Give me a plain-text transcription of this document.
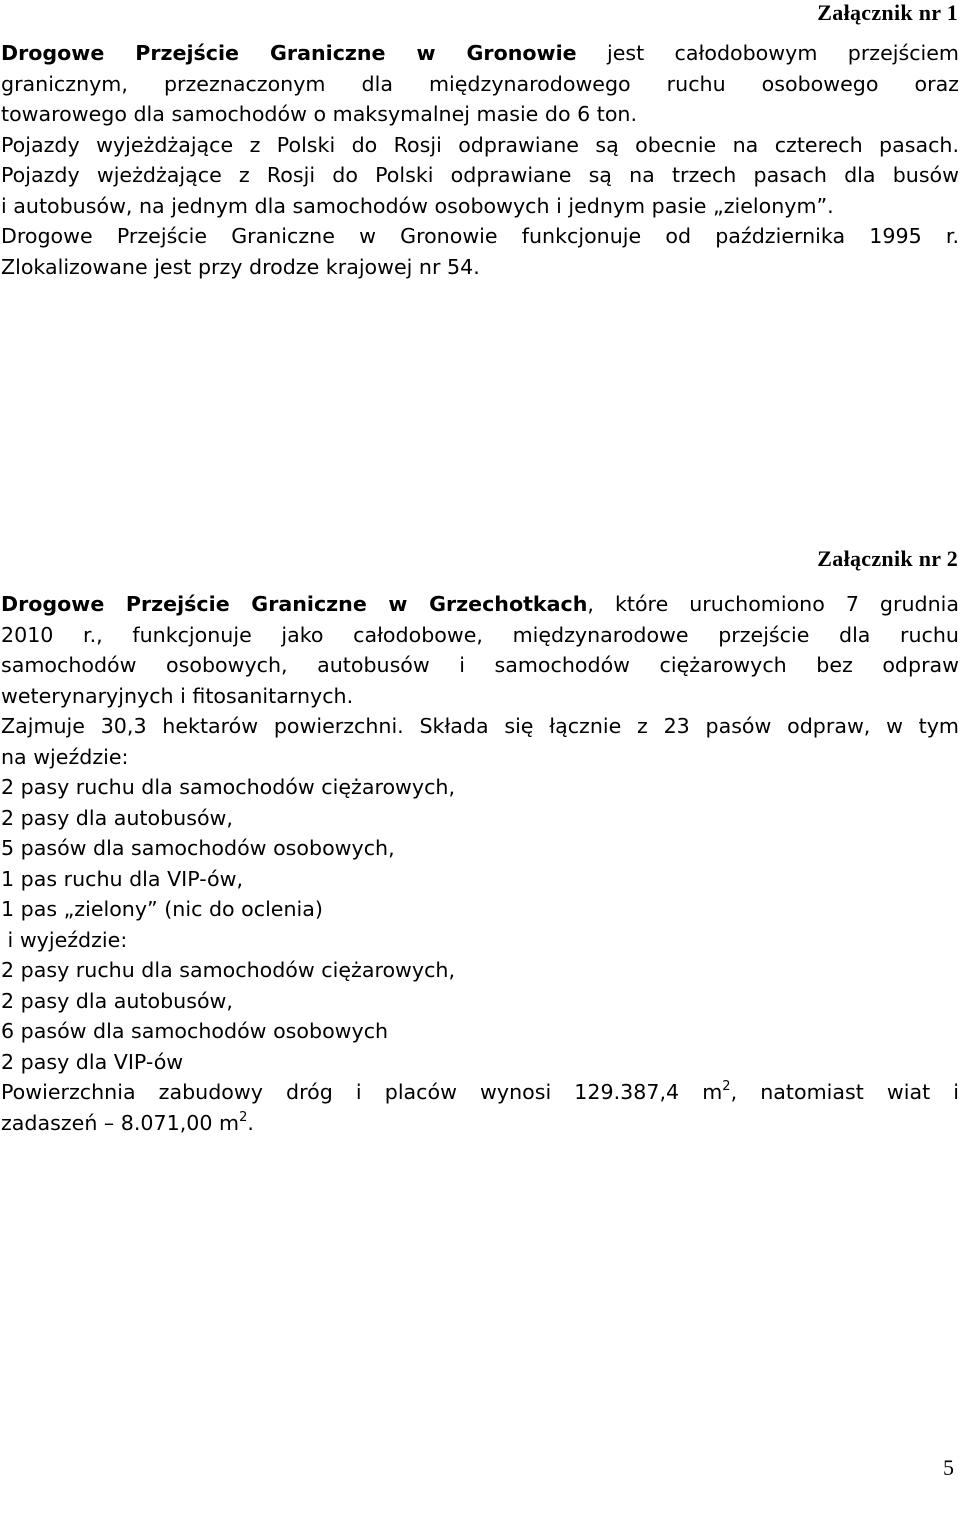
Załącznik nr 1
Drogowe Przejście Graniczne w Gronowie jest całodobowym przejściem
granicznym, przeznaczonym dla międzynarodowego ruchu osobowego oraz
towarowego dla samochodów o maksymalnej masie do 6 ton.
Pojazdy wyjeżdżające z Polski do Rosji odprawiane są obecnie na czterech pasach.
Pojazdy wjeżdżające z Rosji do Polski odprawiane są na trzech pasach dla busów
i autobusów, na jednym dla samochodów osobowych i jednym pasie „zielonym”.
Drogowe Przejście Graniczne w Gronowie funkcjonuje od października 1995 r.
Zlokalizowane jest przy drodze krajowej nr 54.
Załącznik nr 2
Drogowe Przejście Graniczne w Grzechotkach, które uruchomiono 7 grudnia
2010 r., funkcjonuje jako całodobowe, międzynarodowe przejście dla ruchu
samochodów osobowych, autobusów i samochodów ciężarowych bez odpraw
weterynaryjnych i fitosanitarnych.
Zajmuje 30,3 hektarów powierzchni. Składa się łącznie z 23 pasów odpraw, w tym
na wjeździe:
2 pasy ruchu dla samochodów ciężarowych,
2 pasy dla autobusów,
5 pasów dla samochodów osobowych,
1 pas ruchu dla VIP-ów,
1 pas „zielony” (nic do oclenia)
i wyjeździe:
2 pasy ruchu dla samochodów ciężarowych,
2 pasy dla autobusów,
6 pasów dla samochodów osobowych
2 pasy dla VIP-ów
Powierzchnia zabudowy dróg i placów wynosi 129.387,4 $m^2$, natomiast wiat i
zadaszeń – 8.071,00 $m^2$.
5
